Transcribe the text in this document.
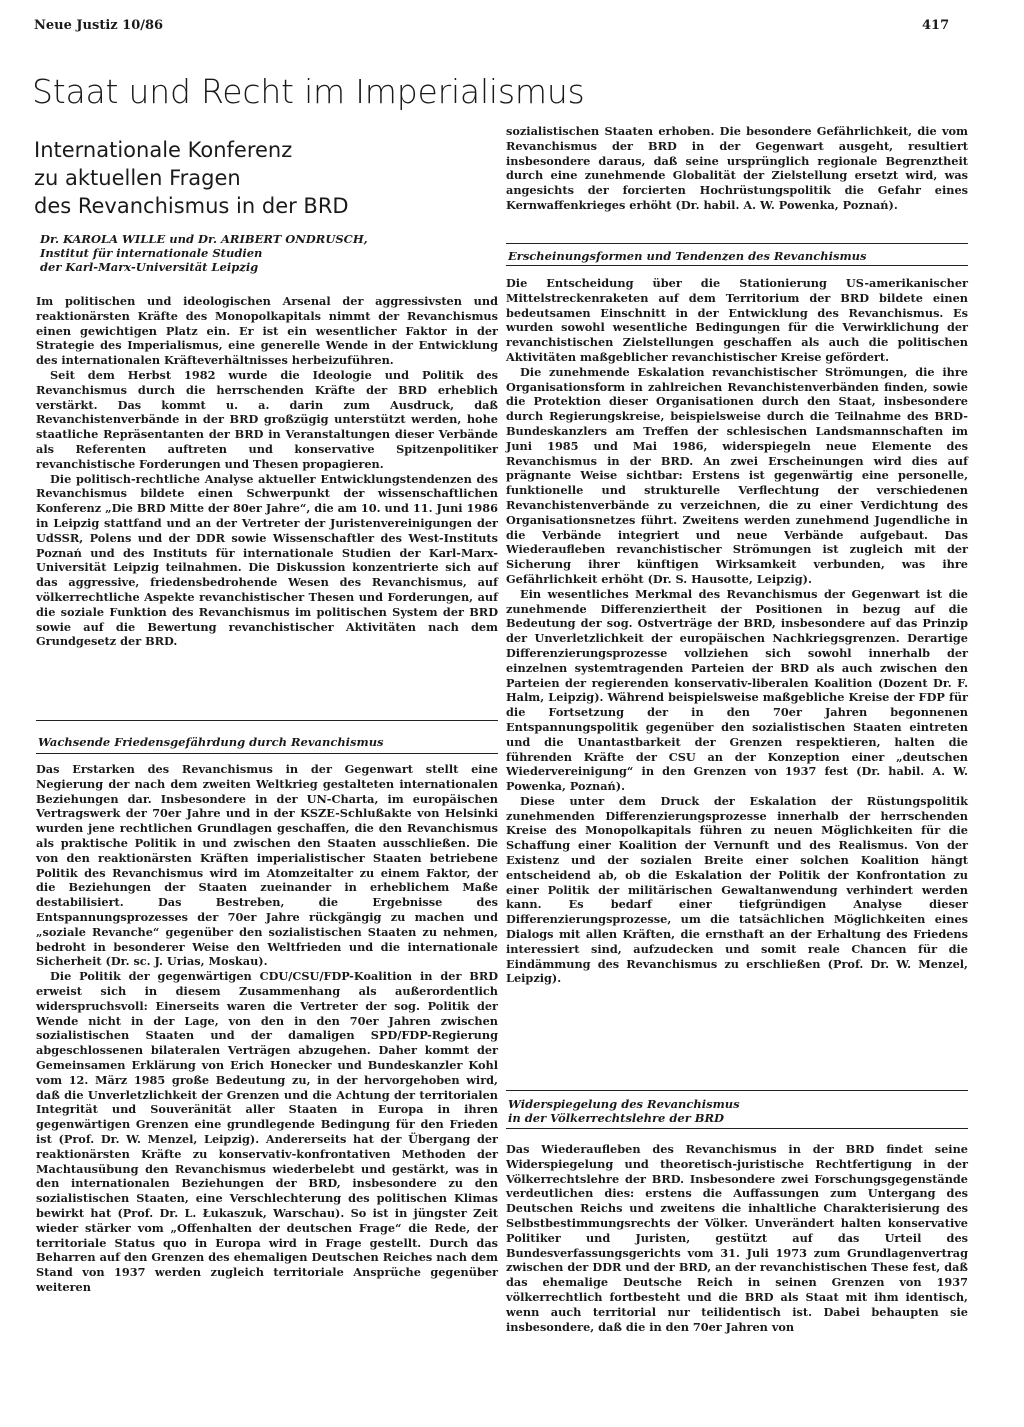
Neue Justiz 10/86	417
Staat und Recht im Imperialismus
Internationale Konferenz
zu aktuellen Fragen
des Revanchismus in der BRD
Dr. KAROLA WILLE und Dr. ARIBERT ONDRUSCH,
Institut für internationale Studien
der Karl-Marx-Universität Leipzig

Im politischen und ideologischen Arsenal der aggressivsten und reaktionärsten Kräfte des Monopolkapitals nimmt der Revanchismus einen gewichtigen Platz ein. Er ist ein wesentlicher Faktor in der Strategie des Imperialismus, eine generelle Wende in der Entwicklung des internationalen Kräfteverhältnisses herbeizuführen.

Seit dem Herbst 1982 wurde die Ideologie und Politik des Revanchismus durch die herrschenden Kräfte der BRD erheblich verstärkt. Das kommt u. a. darin zum Ausdruck, daß Revanchistenverbände in der BRD großzügig unterstützt werden, hohe staatliche Repräsentanten der BRD in Veranstaltungen dieser Verbände als Referenten auftreten und konservative Spitzenpolitiker revanchistische Forderungen und Thesen propagieren.

Die politisch-rechtliche Analyse aktueller Entwicklungstendenzen des Revanchismus bildete einen Schwerpunkt der wissenschaftlichen Konferenz „Die BRD Mitte der 80er Jahre“, die am 10. und 11. Juni 1986 in Leipzig stattfand und an der Vertreter der Juristenvereinigungen der UdSSR, Polens und der DDR sowie Wissenschaftler des West-Instituts Poznań und des Instituts für internationale Studien der Karl-Marx-Universität Leipzig teilnahmen. Die Diskussion konzentrierte sich auf das aggressive, friedensbedrohende Wesen des Revanchismus, auf völkerrechtliche Aspekte revanchistischer Thesen und Forderungen, auf die soziale Funktion des Revanchismus im politischen System der BRD sowie auf die Bewertung revanchistischer Aktivitäten nach dem Grundgesetz der BRD.

Wachsende Friedensgefährdung durch Revanchismus

Das Erstarken des Revanchismus in der Gegenwart stellt eine Negierung der nach dem zweiten Weltkrieg gestalteten internationalen Beziehungen dar. Insbesondere in der UN-Charta, im europäischen Vertragswerk der 70er Jahre und in der KSZE-Schlußakte von Helsinki wurden jene rechtlichen Grundlagen geschaffen, die den Revanchismus als praktische Politik in und zwischen den Staaten ausschließen. Die von den reaktionärsten Kräften imperialistischer Staaten betriebene Politik des Revanchismus wird im Atomzeitalter zu einem Faktor, der die Beziehungen der Staaten zueinander in erheblichem Maße destabilisiert. Das Bestreben, die Ergebnisse des Entspannungsprozesses der 70er Jahre rückgängig zu machen und „soziale Revanche“ gegenüber den sozialistischen Staaten zu nehmen, bedroht in besonderer Weise den Weltfrieden und die internationale Sicherheit (Dr. sc. J. Urias, Moskau).

Die Politik der gegenwärtigen CDU/CSU/FDP-Koalition in der BRD erweist sich in diesem Zusammenhang als außerordentlich widerspruchsvoll: Einerseits waren die Vertreter der sog. Politik der Wende nicht in der Lage, von den in den 70er Jahren zwischen sozialistischen Staaten und der damaligen SPD/FDP-Regierung abgeschlossenen bilateralen Verträgen abzugehen. Daher kommt der Gemeinsamen Erklärung von Erich Honecker und Bundeskanzler Kohl vom 12. März 1985 große Bedeutung zu, in der hervorgehoben wird, daß die Unverletzlichkeit der Grenzen und die Achtung der territorialen Integrität und Souveränität aller Staaten in Europa in ihren gegenwärtigen Grenzen eine grundlegende Bedingung für den Frieden ist (Prof. Dr. W. Menzel, Leipzig). Andererseits hat der Übergang der reaktionärsten Kräfte zu konservativ-konfrontativen Methoden der Machtausübung den Revanchismus wiederbelebt und gestärkt, was in den internationalen Beziehungen der BRD, insbesondere zu den sozialistischen Staaten, eine Verschlechterung des politischen Klimas bewirkt hat (Prof. Dr. L. Łukaszuk, Warschau). So ist in jüngster Zeit wieder stärker vom „Offenhalten der deutschen Frage“ die Rede, der territoriale Status quo in Europa wird in Frage gestellt. Durch das Beharren auf den Grenzen des ehemaligen Deutschen Reiches nach dem Stand von 1937 werden zugleich territoriale Ansprüche gegenüber weiteren

sozialistischen Staaten erhoben. Die besondere Gefährlichkeit, die vom Revanchismus der BRD in der Gegenwart ausgeht, resultiert insbesondere daraus, daß seine ursprünglich regionale Begrenztheit durch eine zunehmende Globalität der Zielstellung ersetzt wird, was angesichts der forcierten Hochrüstungspolitik die Gefahr eines Kernwaffenkrieges erhöht (Dr. habil. A. W. Powenka, Poznań).

Erscheinungsformen und Tendenzen des Revanchismus

Die Entscheidung über die Stationierung US-amerikanischer Mittelstreckenraketen auf dem Territorium der BRD bildete einen bedeutsamen Einschnitt in der Entwicklung des Revanchismus. Es wurden sowohl wesentliche Bedingungen für die Verwirklichung der revanchistischen Zielstellungen geschaffen als auch die politischen Aktivitäten maßgeblicher revanchistischer Kreise gefördert.

Die zunehmende Eskalation revanchistischer Strömungen, die ihre Organisationsform in zahlreichen Revanchistenverbänden finden, sowie die Protektion dieser Organisationen durch den Staat, insbesondere durch Regierungskreise, beispielsweise durch die Teilnahme des BRD-Bundeskanzlers am Treffen der schlesischen Landsmannschaften im Juni 1985 und Mai 1986, widerspiegeln neue Elemente des Revanchismus in der BRD. An zwei Erscheinungen wird dies auf prägnante Weise sichtbar: Erstens ist gegenwärtig eine personelle, funktionelle und strukturelle Verflechtung der verschiedenen Revanchistenverbände zu verzeichnen, die zu einer Verdichtung des Organisationsnetzes führt. Zweitens werden zunehmend Jugendliche in die Verbände integriert und neue Verbände aufgebaut. Das Wiederaufleben revanchistischer Strömungen ist zugleich mit der Sicherung ihrer künftigen Wirksamkeit verbunden, was ihre Gefährlichkeit erhöht (Dr. S. Hausotte, Leipzig).

Ein wesentliches Merkmal des Revanchismus der Gegenwart ist die zunehmende Differenziertheit der Positionen in bezug auf die Bedeutung der sog. Ostverträge der BRD, insbesondere auf das Prinzip der Unverletzlichkeit der europäischen Nachkriegsgrenzen. Derartige Differenzierungsprozesse vollziehen sich sowohl innerhalb der einzelnen systemtragenden Parteien der BRD als auch zwischen den Parteien der regierenden konservativ-liberalen Koalition (Dozent Dr. F. Halm, Leipzig). Während beispielsweise maßgebliche Kreise der FDP für die Fortsetzung der in den 70er Jahren begonnenen Entspannungspolitik gegenüber den sozialistischen Staaten eintreten und die Unantastbarkeit der Grenzen respektieren, halten die führenden Kräfte der CSU an der Konzeption einer „deutschen Wiedervereinigung“ in den Grenzen von 1937 fest (Dr. habil. A. W. Powenka, Poznań).

Diese unter dem Druck der Eskalation der Rüstungspolitik zunehmenden Differenzierungsprozesse innerhalb der herrschenden Kreise des Monopolkapitals führen zu neuen Möglichkeiten für die Schaffung einer Koalition der Vernunft und des Realismus. Von der Existenz und der sozialen Breite einer solchen Koalition hängt entscheidend ab, ob die Eskalation der Politik der Konfrontation zu einer Politik der militärischen Gewaltanwendung verhindert werden kann. Es bedarf einer tiefgründigen Analyse dieser Differenzierungsprozesse, um die tatsächlichen Möglichkeiten eines Dialogs mit allen Kräften, die ernsthaft an der Erhaltung des Friedens interessiert sind, aufzudecken und somit reale Chancen für die Eindämmung des Revanchismus zu erschließen (Prof. Dr. W. Menzel, Leipzig).

Widerspiegelung des Revanchismus
in der Völkerrechtslehre der BRD

Das Wiederaufleben des Revanchismus in der BRD findet seine Widerspiegelung und theoretisch-juristische Rechtfertigung in der Völkerrechtslehre der BRD. Insbesondere zwei Forschungsgegenstände verdeutlichen dies: erstens die Auffassungen zum Untergang des Deutschen Reichs und zweitens die inhaltliche Charakterisierung des Selbstbestimmungsrechts der Völker. Unverändert halten konservative Politiker und Juristen, gestützt auf das Urteil des Bundesverfassungsgerichts vom 31. Juli 1973 zum Grundlagenvertrag zwischen der DDR und der BRD, an der revanchistischen These fest, daß das ehemalige Deutsche Reich in seinen Grenzen von 1937 völkerrechtlich fortbesteht und die BRD als Staat mit ihm identisch, wenn auch territorial nur teilidentisch ist. Dabei behaupten sie insbesondere, daß die in den 70er Jahren von
